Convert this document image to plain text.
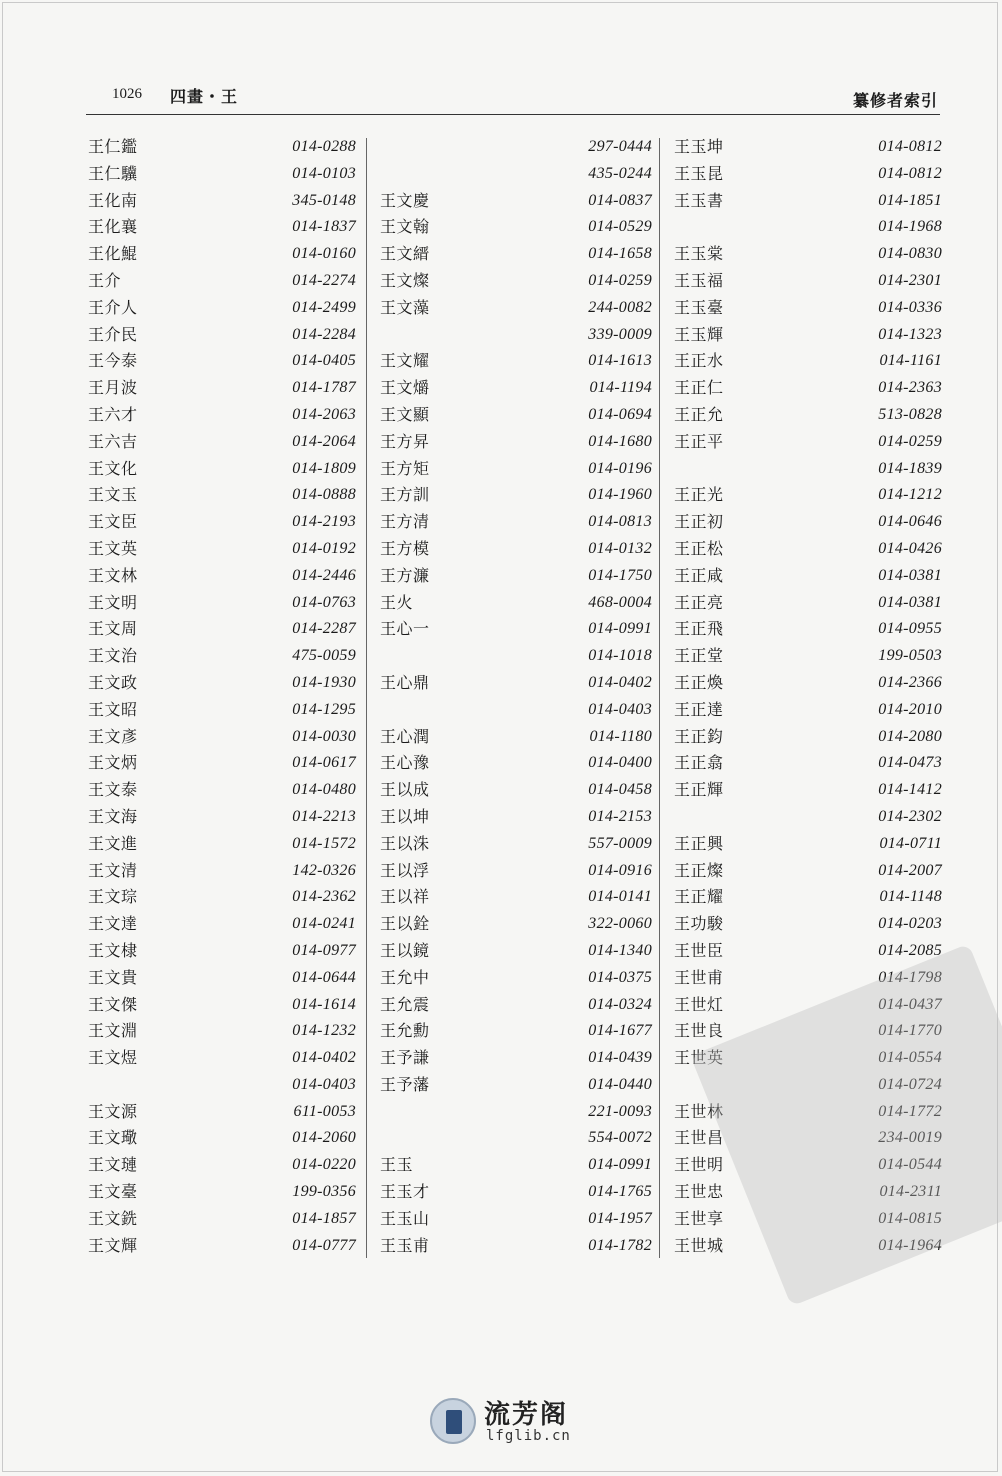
1026 四畫・王	纂修者索引
王仁鑑	014-0288
王仁驥	014-0103
王化南	345-0148
王化襄	014-1837
王化鯤	014-0160
王介	014-2274
王介人	014-2499
王介民	014-2284
王今泰	014-0405
王月波	014-1787
王六才	014-2063
王六吉	014-2064
王文化	014-1809
王文玉	014-0888
王文臣	014-2193
王文英	014-0192
王文林	014-2446
王文明	014-0763
王文周	014-2287
王文治	475-0059
王文政	014-1930
王文昭	014-1295
王文彥	014-0030
王文炳	014-0617
王文泰	014-0480
王文海	014-2213
王文進	014-1572
王文清	142-0326
王文琮	014-2362
王文達	014-0241
王文棣	014-0977
王文貴	014-0644
王文傑	014-1614
王文淵	014-1232
王文煜	014-0402
014-0403
王文源	611-0053
王文璥	014-2060
王文璉	014-0220
王文臺	199-0356
王文銑	014-1857
王文輝	014-0777
297-0444
435-0244
王文慶	014-0837
王文翰	014-0529
王文縉	014-1658
王文燦	014-0259
王文藻	244-0082
339-0009
王文耀	014-1613
王文爝	014-1194
王文顯	014-0694
王方昇	014-1680
王方矩	014-0196
王方訓	014-1960
王方清	014-0813
王方模	014-0132
王方濂	014-1750
王火	468-0004
王心一	014-0991
014-1018
王心鼎	014-0402
014-0403
王心潤	014-1180
王心豫	014-0400
王以成	014-0458
王以坤	014-2153
王以洙	557-0009
王以浮	014-0916
王以祥	014-0141
王以銓	322-0060
王以鏡	014-1340
王允中	014-0375
王允震	014-0324
王允勳	014-1677
王予謙	014-0439
王予藩	014-0440
221-0093
554-0072
王玉	014-0991
王玉才	014-1765
王玉山	014-1957
王玉甫	014-1782
王玉坤	014-0812
王玉昆	014-0812
王玉書	014-1851
014-1968
王玉棠	014-0830
王玉福	014-2301
王玉臺	014-0336
王玉輝	014-1323
王正水	014-1161
王正仁	014-2363
王正允	513-0828
王正平	014-0259
014-1839
王正光	014-1212
王正初	014-0646
王正松	014-0426
王正咸	014-0381
王正亮	014-0381
王正飛	014-0955
王正堂	199-0503
王正煥	014-2366
王正達	014-2010
王正鈞	014-2080
王正翕	014-0473
王正輝	014-1412
014-2302
王正興	014-0711
王正燦	014-2007
王正耀	014-1148
王功駿	014-0203
王世臣	014-2085
王世甫	014-1798
王世灴	014-0437
王世良	014-1770
王世英	014-0554
014-0724
王世林	014-1772
王世昌	234-0019
王世明	014-0544
王世忠	014-2311
王世享	014-0815
王世城	014-1964
流芳阁
lfglib.cn
